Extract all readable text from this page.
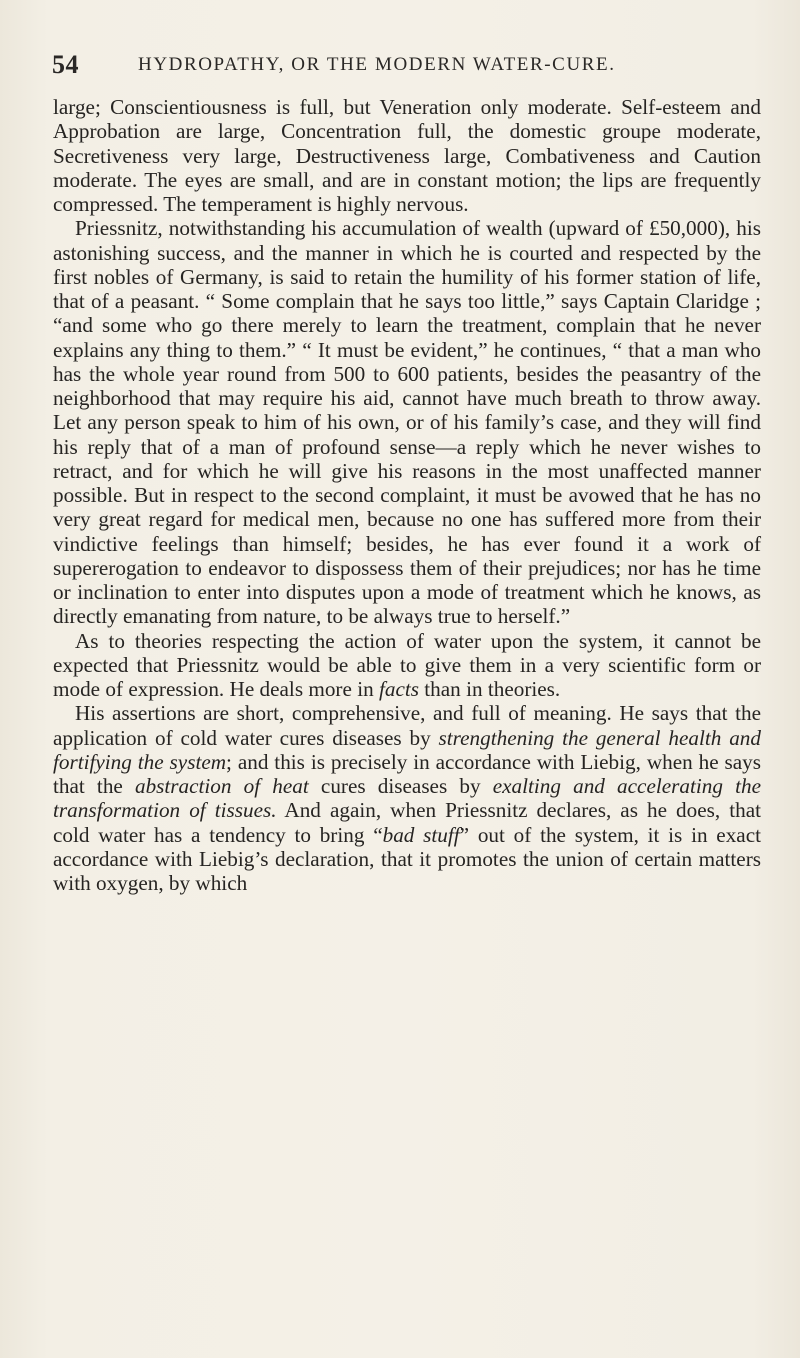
54	HYDROPATHY, OR THE MODERN WATER-CURE.

large; Conscientiousness is full, but Veneration only moderate. Self-esteem and Approbation are large, Concentration full, the domestic groupe moderate, Secretiveness very large, Destructiveness large, Combativeness and Caution moderate. The eyes are small, and are in constant motion; the lips are frequently compressed. The temperament is highly nervous.

Priessnitz, notwithstanding his accumulation of wealth (upward of £50,000), his astonishing success, and the manner in which he is courted and respected by the first nobles of Germany, is said to retain the humility of his former station of life, that of a peasant. “ Some complain that he says too little,” says Captain Claridge ; “and some who go there merely to learn the treatment, complain that he never explains any thing to them.” “ It must be evident,” he continues, “ that a man who has the whole year round from 500 to 600 patients, besides the peasantry of the neighborhood that may require his aid, cannot have much breath to throw away. Let any person speak to him of his own, or of his family’s case, and they will find his reply that of a man of profound sense—a reply which he never wishes to retract, and for which he will give his reasons in the most unaffected manner possible. But in respect to the second complaint, it must be avowed that he has no very great regard for medical men, because no one has suffered more from their vindictive feelings than himself; besides, he has ever found it a work of supererogation to endeavor to dispossess them of their prejudices; nor has he time or inclination to enter into disputes upon a mode of treatment which he knows, as directly emanating from nature, to be always true to herself.”

As to theories respecting the action of water upon the system, it cannot be expected that Priessnitz would be able to give them in a very scientific form or mode of expression. He deals more in facts than in theories.

His assertions are short, comprehensive, and full of meaning. He says that the application of cold water cures diseases by strengthening the general health and fortifying the system; and this is precisely in accordance with Liebig, when he says that the abstraction of heat cures diseases by exalting and accelerating the transformation of tissues. And again, when Priessnitz declares, as he does, that cold water has a tendency to bring “bad stuff” out of the system, it is in exact accordance with Liebig’s declaration, that it promotes the union of certain matters with oxygen, by which
